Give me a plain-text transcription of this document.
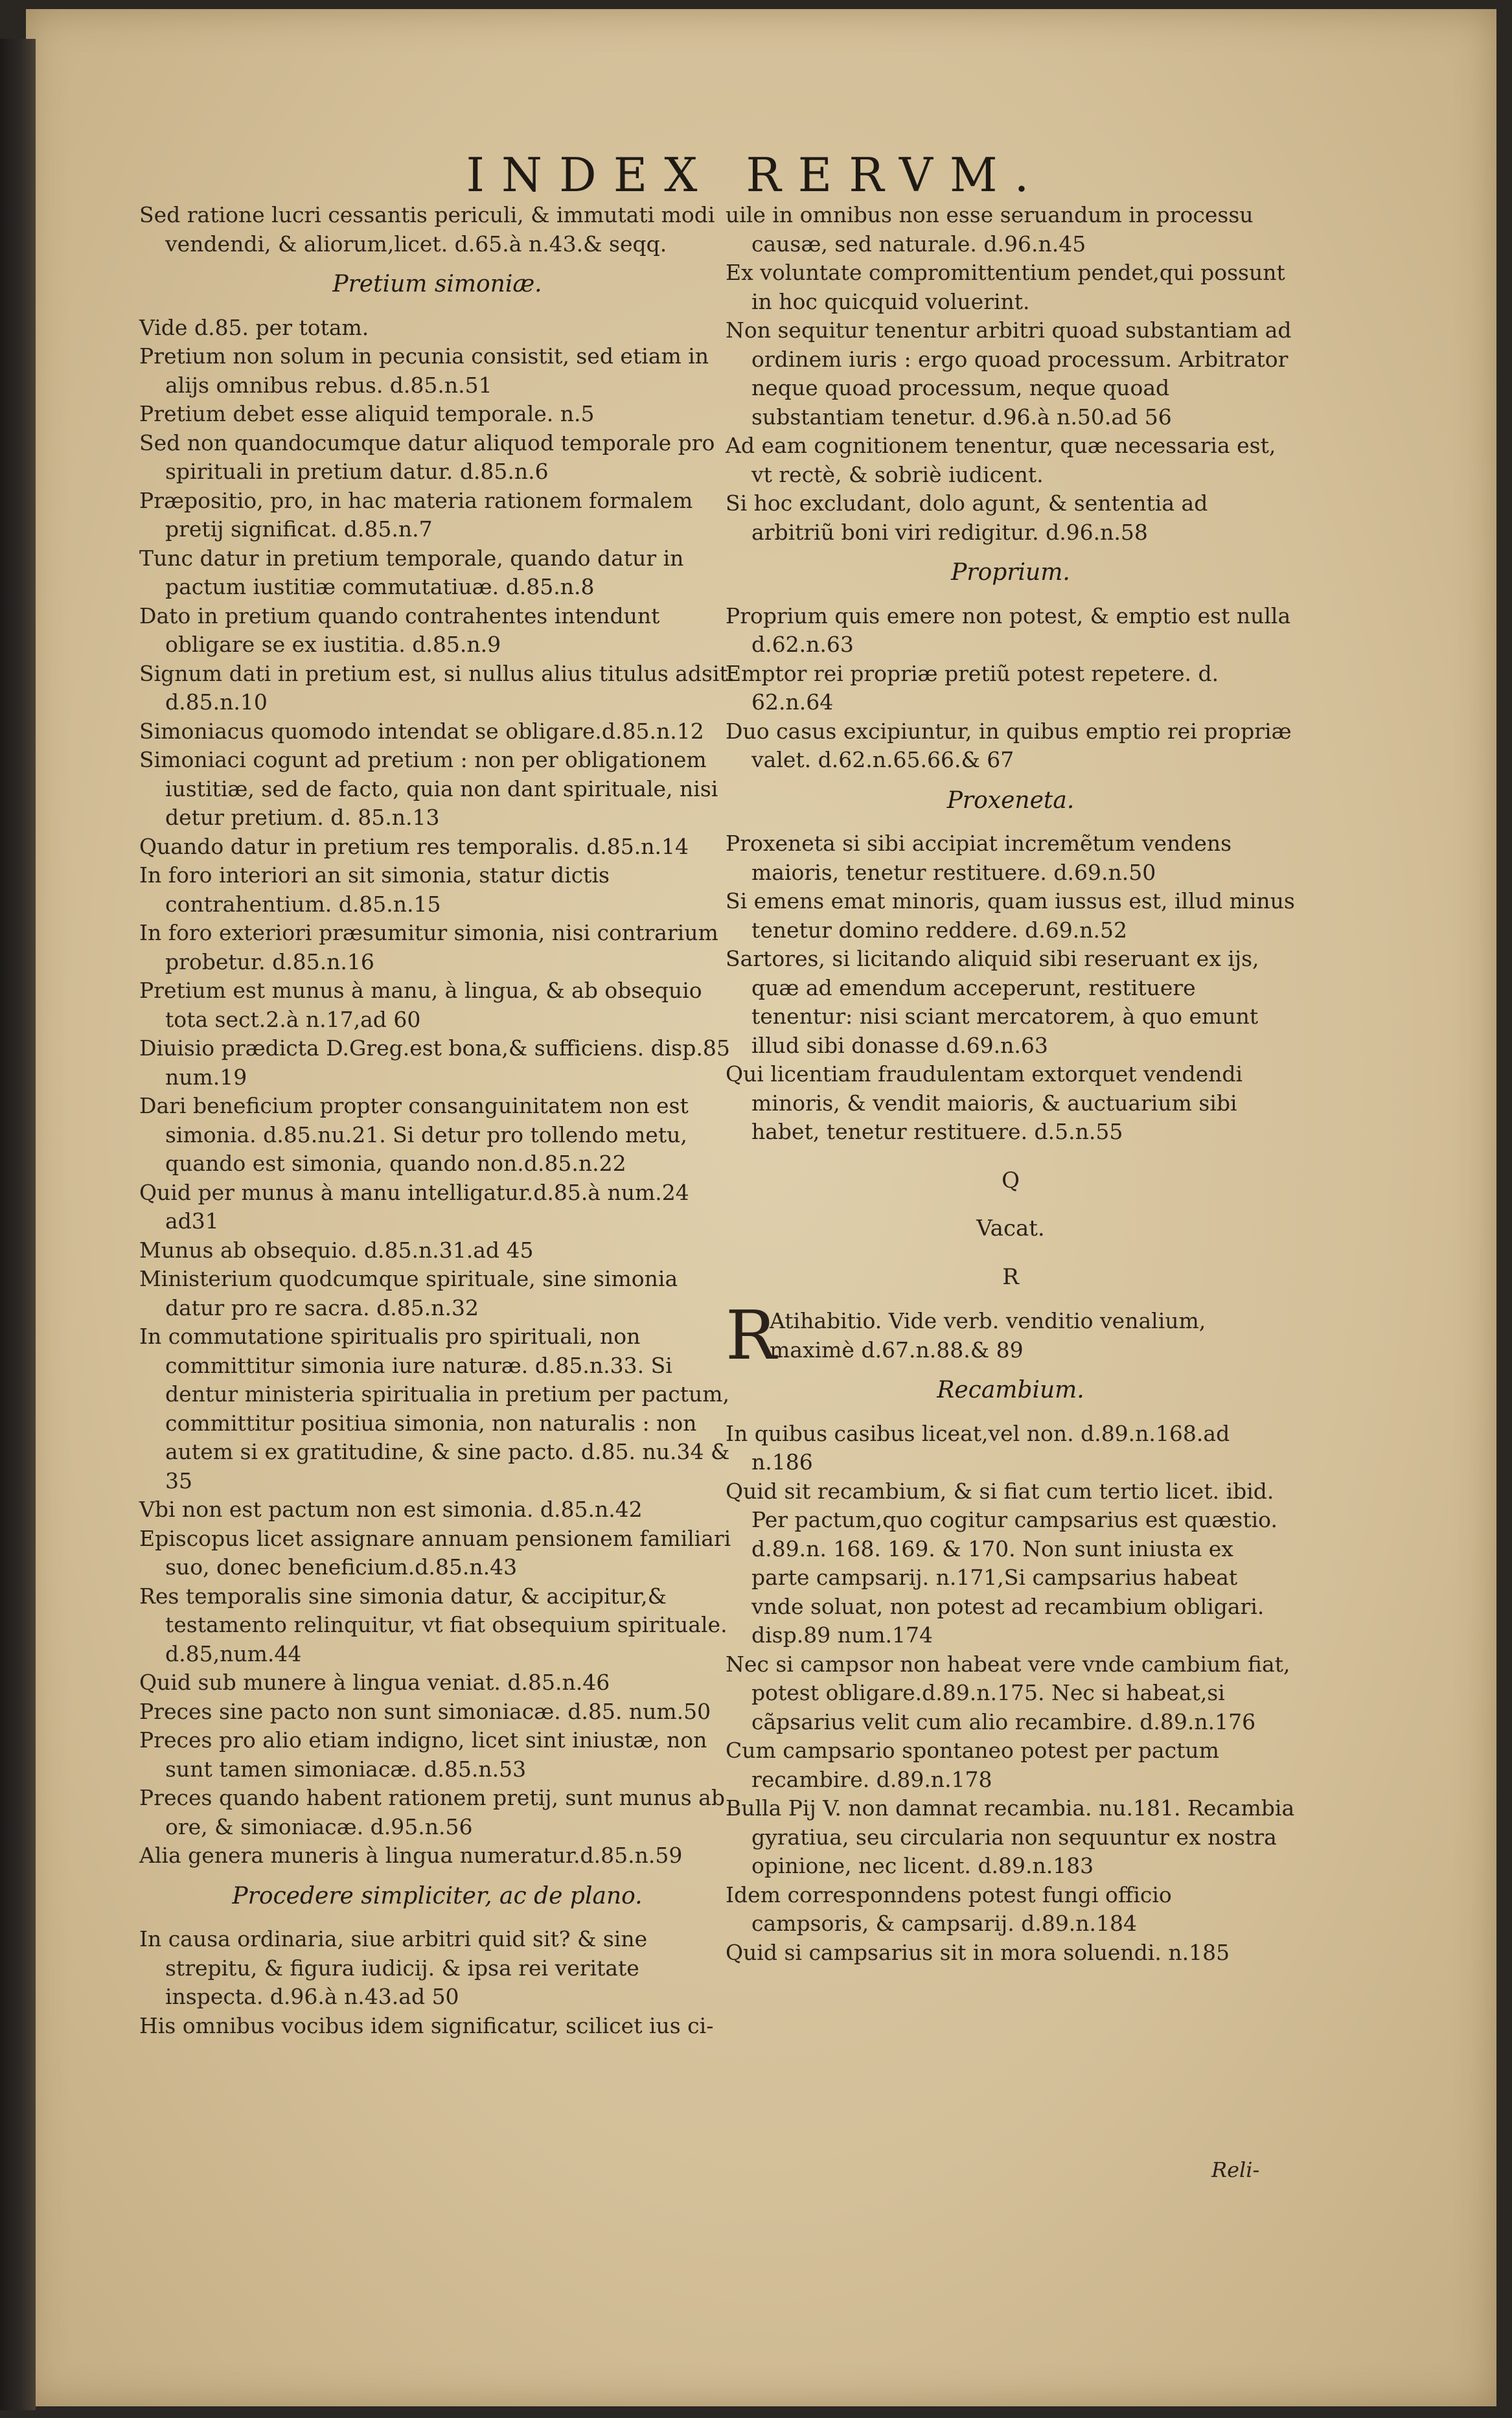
INDEX RERVM.

Sed ratione lucri cessantis periculi, & immutati modi vendendi, & aliorum,licet. d.65.à n.43.& seqq.

Pretium simoniæ.

Vide d.85. per totam.

Pretium non solum in pecunia consistit, sed etiam in alijs omnibus rebus. d.85.n.51

Pretium debet esse aliquid temporale. n.5

Sed non quandocumque datur aliquod temporale pro spirituali in pretium datur. d.85.n.6

Præpositio, pro, in hac materia rationem formalem pretij significat. d.85.n.7

Tunc datur in pretium temporale, quando datur in pactum iustitiæ commutatiuæ. d.85.n.8

Dato in pretium quando contrahentes intendunt obligare se ex iustitia. d.85.n.9

Signum dati in pretium est, si nullus alius titulus adsit. d.85.n.10

Simoniacus quomodo intendat se obligare.d.85.n.12

Simoniaci cogunt ad pretium : non per obligationem iustitiæ, sed de facto, quia non dant spirituale, nisi detur pretium. d. 85.n.13

Quando datur in pretium res temporalis. d.85.n.14

In foro interiori an sit simonia, statur dictis contrahentium. d.85.n.15

In foro exteriori præsumitur simonia, nisi contrarium probetur. d.85.n.16

Pretium est munus à manu, à lingua, & ab obsequio tota sect.2.à n.17,ad 60

Diuisio prædicta D.Greg.est bona,& sufficiens. disp.85 num.19

Dari beneficium propter consanguinitatem non est simonia. d.85.nu.21. Si detur pro tollendo metu, quando est simonia, quando non.d.85.n.22

Quid per munus à manu intelligatur.d.85.à num.24 ad31

Munus ab obsequio. d.85.n.31.ad 45

Ministerium quodcumque spirituale, sine simonia datur pro re sacra. d.85.n.32

In commutatione spiritualis pro spirituali, non committitur simonia iure naturæ. d.85.n.33. Si dentur ministeria spiritualia in pretium per pactum, committitur positiua simonia, non naturalis : non autem si ex gratitudine, & sine pacto. d.85. nu.34 & 35

Vbi non est pactum non est simonia. d.85.n.42

Episcopus licet assignare annuam pensionem familiari suo, donec beneficium.d.85.n.43

Res temporalis sine simonia datur, & accipitur,& testamento relinquitur, vt fiat obsequium spirituale. d.85,num.44

Quid sub munere à lingua veniat. d.85.n.46

Preces sine pacto non sunt simoniacæ. d.85. num.50

Preces pro alio etiam indigno, licet sint iniustæ, non sunt tamen simoniacæ. d.85.n.53

Preces quando habent rationem pretij, sunt munus ab ore, & simoniacæ. d.95.n.56

Alia genera muneris à lingua numeratur.d.85.n.59

Procedere simpliciter, ac de plano.

In causa ordinaria, siue arbitri quid sit? & sine strepitu, & figura iudicij. & ipsa rei veritate inspecta. d.96.à n.43.ad 50

His omnibus vocibus idem significatur, scilicet ius ci-

uile in omnibus non esse seruandum in processu causæ, sed naturale. d.96.n.45

Ex voluntate compromittentium pendet,qui possunt in hoc quicquid voluerint.

Non sequitur tenentur arbitri quoad substantiam ad ordinem iuris : ergo quoad processum. Arbitrator neque quoad processum, neque quoad substantiam tenetur. d.96.à n.50.ad 56

Ad eam cognitionem tenentur, quæ necessaria est, vt rectè, & sobriè iudicent.

Si hoc excludant, dolo agunt, & sententia ad arbitriũ boni viri redigitur. d.96.n.58

Proprium.

Proprium quis emere non potest, & emptio est nulla d.62.n.63

Emptor rei propriæ pretiũ potest repetere. d. 62.n.64

Duo casus excipiuntur, in quibus emptio rei propriæ valet. d.62.n.65.66.& 67

Proxeneta.

Proxeneta si sibi accipiat incremẽtum vendens maioris, tenetur restituere. d.69.n.50

Si emens emat minoris, quam iussus est, illud minus tenetur domino reddere. d.69.n.52

Sartores, si licitando aliquid sibi reseruant ex ijs, quæ ad emendum acceperunt, restituere tenentur: nisi sciant mercatorem, à quo emunt illud sibi donasse d.69.n.63

Qui licentiam fraudulentam extorquet vendendi minoris, & vendit maioris, & auctuarium sibi habet, tenetur restituere. d.5.n.55

Q
Vacat.
R
R
Atihabitio. Vide verb. venditio venalium, maximè d.67.n.88.& 89
Recambium.

In quibus casibus liceat,vel non. d.89.n.168.ad n.186

Quid sit recambium, & si fiat cum tertio licet. ibid. Per pactum,quo cogitur campsarius est quæstio. d.89.n. 168. 169. & 170. Non sunt iniusta ex parte campsarij. n.171,Si campsarius habeat vnde soluat, non potest ad recambium obligari. disp.89 num.174

Nec si campsor non habeat vere vnde cambium fiat, potest obligare.d.89.n.175. Nec si habeat,si cãpsarius velit cum alio recambire. d.89.n.176

Cum campsario spontaneo potest per pactum recambire. d.89.n.178

Bulla Pij V. non damnat recambia. nu.181. Recambia gyratiua, seu circularia non sequuntur ex nostra opinione, nec licent. d.89.n.183

Idem corresponndens potest fungi officio campsoris, & campsarij. d.89.n.184

Quid si campsarius sit in mora soluendi. n.185

Reli-
